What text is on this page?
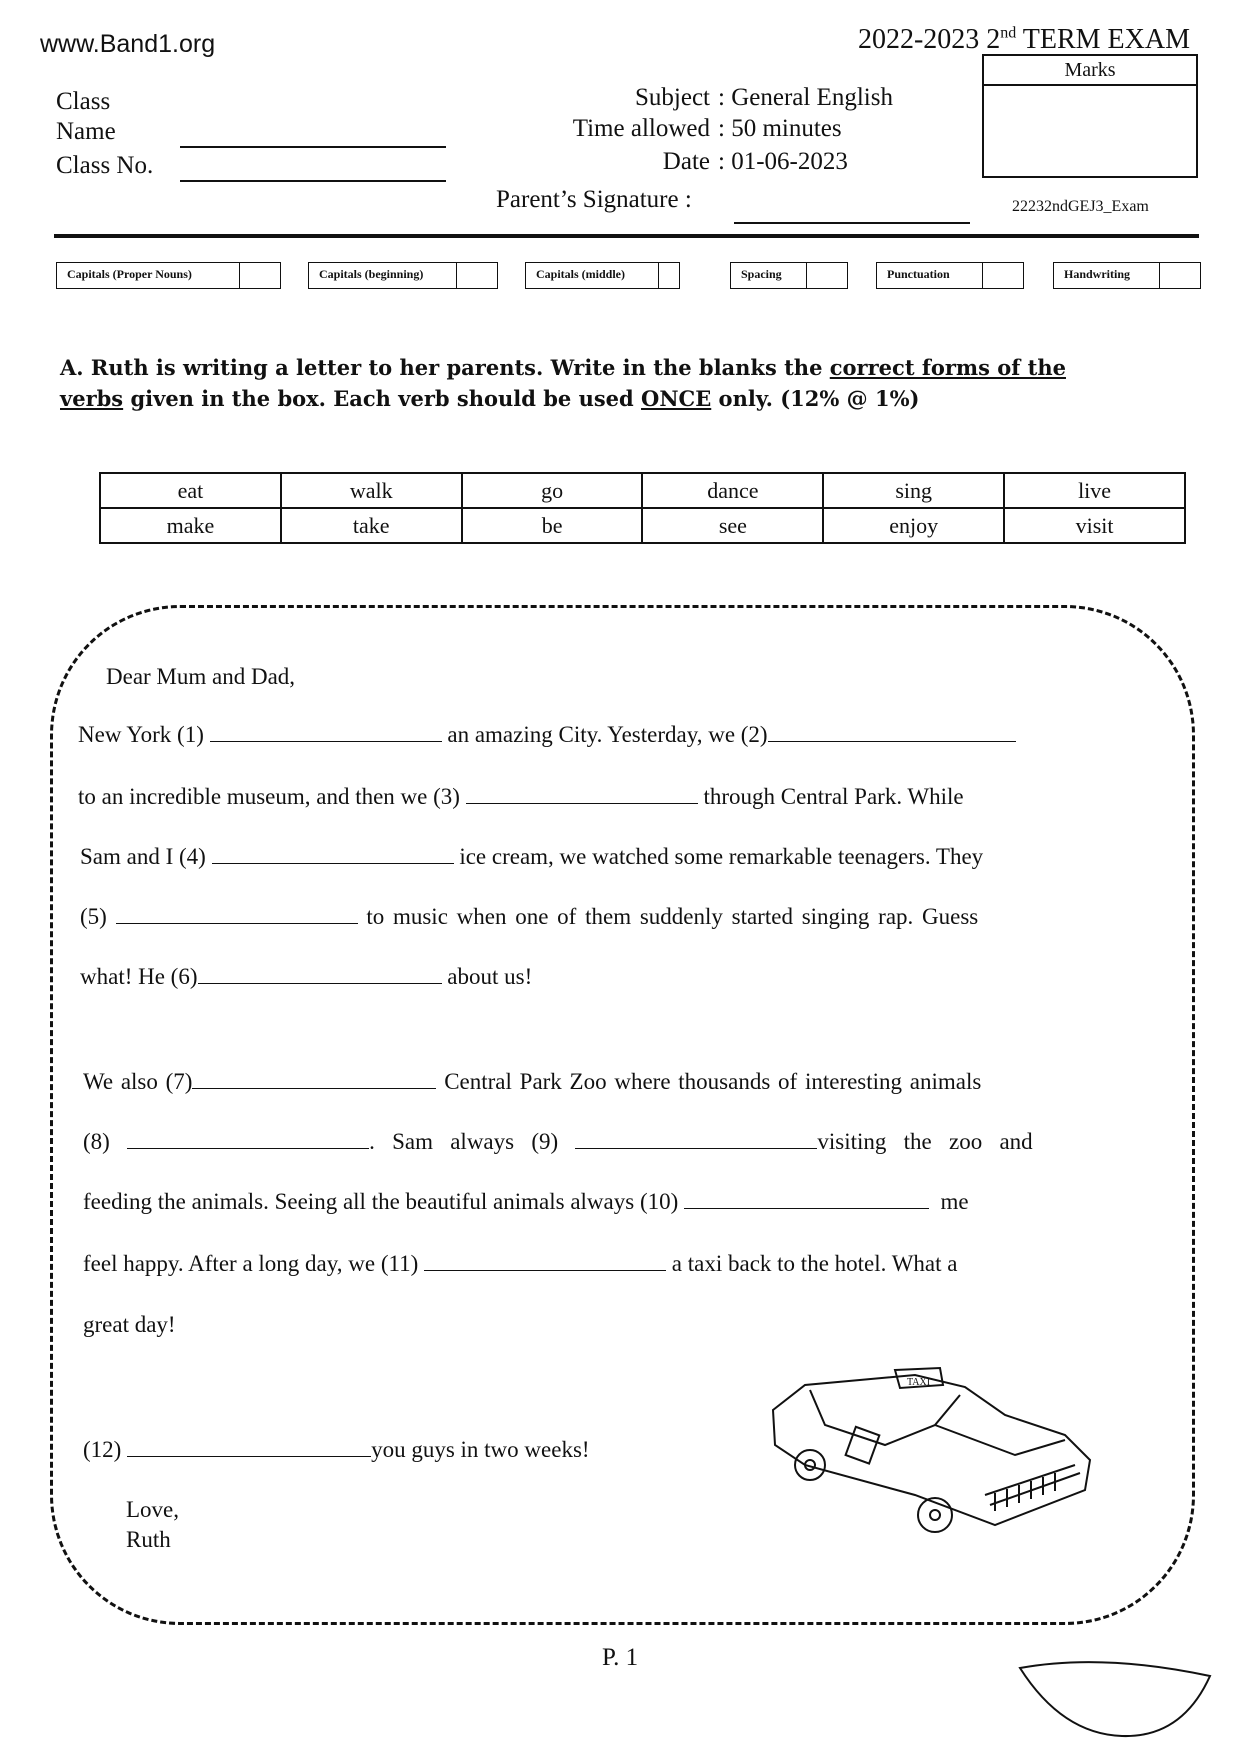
www.Band1.org	2022-2023 2nd TERM EXAM
Marks
Class
Name
Class No.
Subject : General English
Time allowed : 50 minutes
Date : 01-06-2023
Parent’s Signature :	22232ndGEJ3_Exam
Capitals (Proper Nouns)	Capitals (beginning)	Capitals (middle)	Spacing	Punctuation	Handwriting
A. Ruth is writing a letter to her parents. Write in the blanks the correct forms of the verbs given in the box. Each verb should be used ONCE only. (12% @ 1%)
eat	walk	go	dance	sing	live
make	take	be	see	enjoy	visit
Dear Mum and Dad,
New York (1)	an amazing City. Yesterday, we (2)
to an incredible museum, and then we (3)	through Central Park. While
Sam and I (4)	ice cream, we watched some remarkable teenagers. They
(5)	to music when one of them suddenly started singing rap. Guess
what! He (6)	about us!
We also (7)	Central Park Zoo where thousands of interesting animals
(8)	.   Sam   always   (9)	visiting   the   zoo   and
feeding the animals. Seeing all the beautiful animals always (10)	me
feel happy. After a long day, we (11)	a taxi back to the hotel. What a
great day!
(12)	you guys in two weeks!
Love,
Ruth
TAXI
P. 1
